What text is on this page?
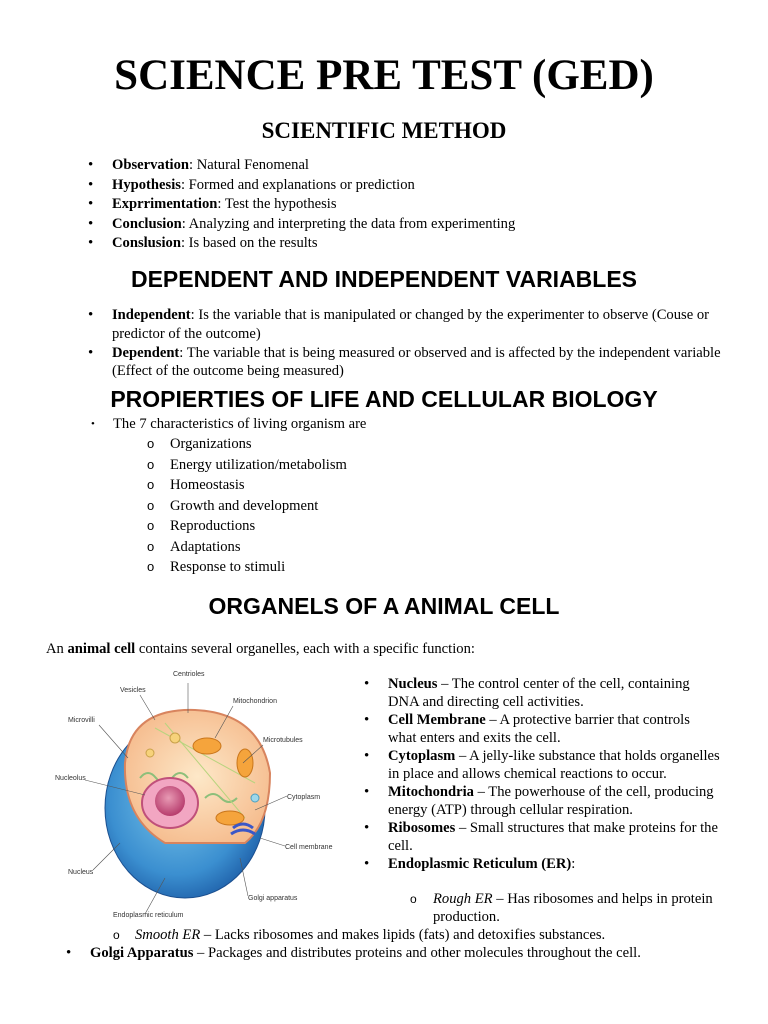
SCIENCE PRE TEST (GED)
SCIENTIFIC METHOD
• Observation: Natural Fenomenal
• Hypothesis: Formed and explanations or prediction
• Exprrimentation: Test the hypothesis
• Conclusion: Analyzing and interpreting the data from experimenting
• Conslusion: Is based on the results
DEPENDENT AND INDEPENDENT VARIABLES
• Independent: Is the variable that is manipulated or changed by the experimenter to observe (Couse or predictor of the outcome)
• Dependent: The variable that is being measured or observed and is affected by the independent variable (Effect of the outcome being measured)
PROPIERTIES OF LIFE AND CELLULAR BIOLOGY
• The 7 characteristics of living organism are
o Organizations
o Energy utilization/metabolism
o Homeostasis
o Growth and development
o Reproductions
o Adaptations
o Response to stimuli
ORGANELS OF A ANIMAL CELL
An animal cell contains several organelles, each with a specific function:
Centrioles
Vesicles
Mitochondrion
Microvilli
Microtubules
Nucleolus
Cytoplasm
Cell membrane
Nucleus
Golgi apparatus
Endoplasmic reticulum
• Nucleus – The control center of the cell, containing DNA and directing cell activities.
• Cell Membrane – A protective barrier that controls what enters and exits the cell.
• Cytoplasm – A jelly-like substance that holds organelles in place and allows chemical reactions to occur.
• Mitochondria – The powerhouse of the cell, producing energy (ATP) through cellular respiration.
• Ribosomes – Small structures that make proteins for the cell.
• Endoplasmic Reticulum (ER):
o Rough ER – Has ribosomes and helps in protein production.
o Smooth ER – Lacks ribosomes and makes lipids (fats) and detoxifies substances.
• Golgi Apparatus – Packages and distributes proteins and other molecules throughout the cell.
